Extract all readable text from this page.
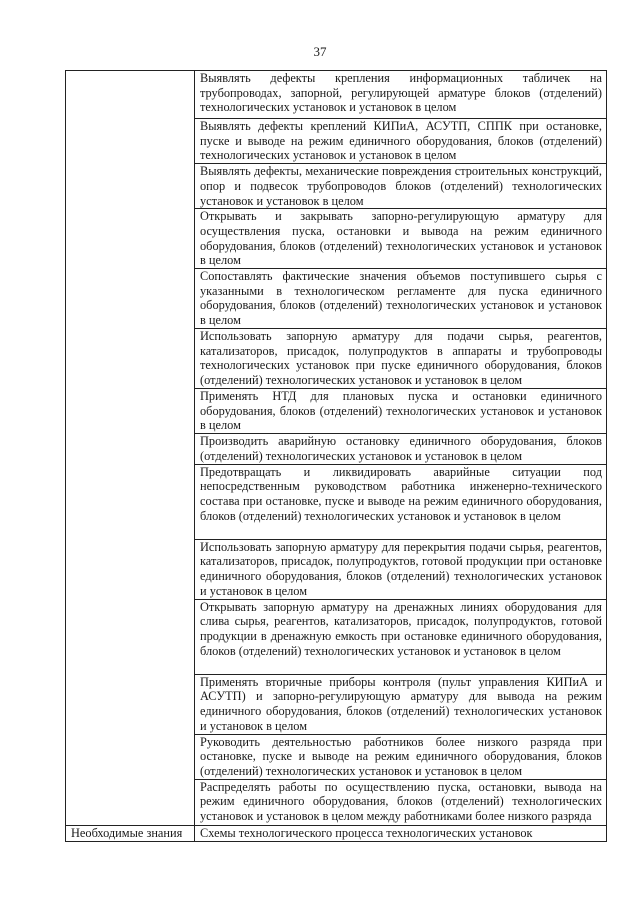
37
	Выявлять дефекты крепления информационных табличек на трубопроводах, запорной, регулирующей арматуре блоков (отделений) технологических установок и установок в целом
	Выявлять дефекты креплений КИПиА, АСУТП, СППК при остановке, пуске и выводе на режим единичного оборудования, блоков (отделений) технологических установок и установок в целом
	Выявлять дефекты, механические повреждения строительных конструкций, опор и подвесок трубопроводов блоков (отделений) технологических установок и установок в целом
	Открывать и закрывать запорно-регулирующую арматуру для осуществления пуска, остановки и вывода на режим единичного оборудования, блоков (отделений) технологических установок и установок в целом
	Сопоставлять фактические значения объемов поступившего сырья с указанными в технологическом регламенте для пуска единичного оборудования, блоков (отделений) технологических установок и установок в целом
	Использовать запорную арматуру для подачи сырья, реагентов, катализаторов, присадок, полупродуктов в аппараты и трубопроводы технологических установок при пуске единичного оборудования, блоков (отделений) технологических установок и установок в целом
	Применять НТД для плановых пуска и остановки единичного оборудования, блоков (отделений) технологических установок и установок в целом
	Производить аварийную остановку единичного оборудования, блоков (отделений) технологических установок и установок в целом
	Предотвращать и ликвидировать аварийные ситуации под непосредственным руководством работника инженерно-технического состава при остановке, пуске и выводе на режим единичного оборудования, блоков (отделений) технологических установок и установок в целом
	Использовать запорную арматуру для перекрытия подачи сырья, реагентов, катализаторов, присадок, полупродуктов, готовой продукции при остановке единичного оборудования, блоков (отделений) технологических установок и установок в целом
	Открывать запорную арматуру на дренажных линиях оборудования для слива сырья, реагентов, катализаторов, присадок, полупродуктов, готовой продукции в дренажную емкость при остановке единичного оборудования, блоков (отделений) технологических установок и установок в целом
	Применять вторичные приборы контроля (пульт управления КИПиА и АСУТП) и запорно-регулирующую арматуру для вывода на режим единичного оборудования, блоков (отделений) технологических установок и установок в целом
	Руководить деятельностью работников более низкого разряда при остановке, пуске и выводе на режим единичного оборудования, блоков (отделений) технологических установок и установок в целом
	Распределять работы по осуществлению пуска, остановки, вывода на режим единичного оборудования, блоков (отделений) технологических установок и установок в целом между работниками более низкого разряда
Необходимые знания	Схемы технологического процесса технологических установок
